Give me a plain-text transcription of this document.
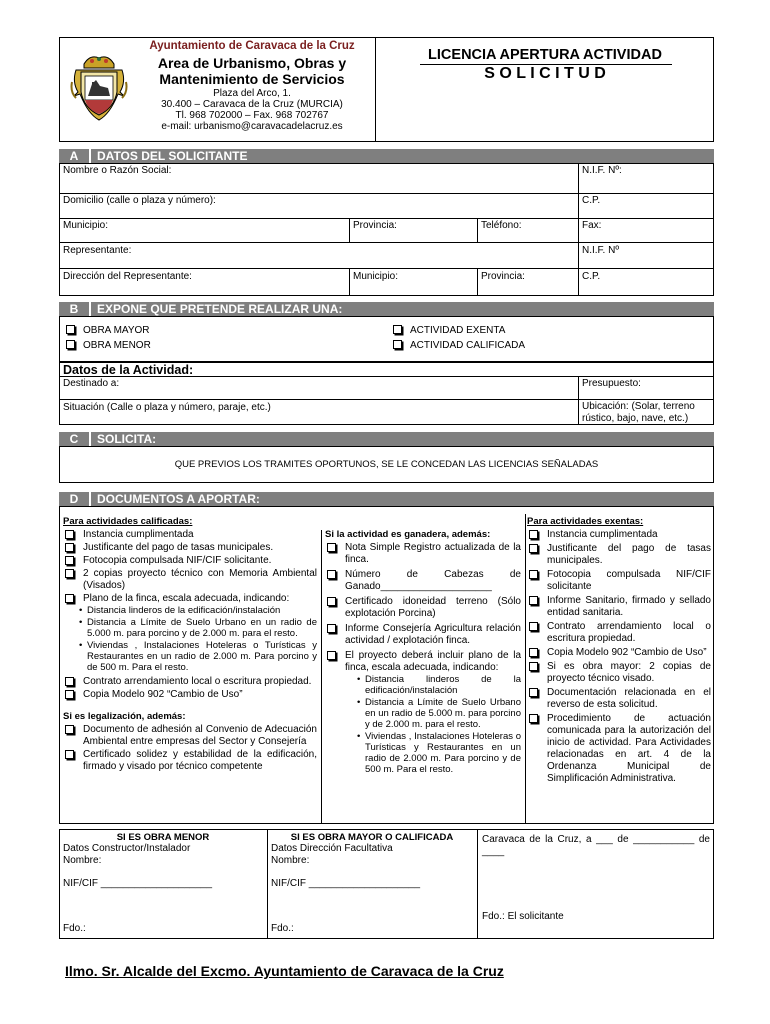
Ayuntamiento de Caravaca de la Cruz
Area de Urbanismo, Obras y
Mantenimiento de Servicios
Plaza del Arco, 1.
30.400 – Caravaca de la Cruz (MURCIA)
Tl. 968 702000 – Fax. 968 702767
e-mail: urbanismo@caravacadelacruz.es
LICENCIA APERTURA ACTIVIDAD
S O L I C I T U D
A	DATOS DEL SOLICITANTE
Nombre o Razón Social:	N.I.F. Nº:
Domicilio (calle o plaza y número):	C.P.
Municipio:	Provincia:	Teléfono:	Fax:
Representante:	N.I.F. Nº
Dirección del Representante:	Municipio:	Provincia:	C.P.
B	EXPONE QUE PRETENDE REALIZAR UNA:
OBRA MAYOR
OBRA MENOR
ACTIVIDAD EXENTA
ACTIVIDAD CALIFICADA
Datos de la Actividad:
Destinado a:	Presupuesto:
Situación (Calle o plaza y número, paraje, etc.)	Ubicación: (Solar, terreno rústico, bajo, nave, etc.)
C	SOLICITA:
QUE PREVIOS LOS TRAMITES OPORTUNOS, SE LE CONCEDAN LAS LICENCIAS SEÑALADAS
D	DOCUMENTOS A APORTAR:
Para actividades calificadas:
Instancia cumplimentada
Justificante del pago de tasas municipales.
Fotocopia compulsada NIF/CIF solicitante.
2 copias proyecto técnico con Memoria Ambiental (Visados)
Plano de la finca, escala adecuada, indicando:
• Distancia linderos de la edificación/instalación
• Distancia a Límite de Suelo Urbano en un radio de 5.000 m. para porcino y de 2.000 m. para el resto.
• Viviendas , Instalaciones Hoteleras o Turísticas y Restaurantes en un radio de 2.000 m. Para porcino y de 500 m. Para el resto.
Contrato arrendamiento local o escritura propiedad.
Copia Modelo 902 “Cambio de Uso”
Si es legalización, además:
Documento de adhesión al Convenio de Adecuación Ambiental entre empresas del Sector y Consejería
Certificado solidez y estabilidad de la edificación, firmado y visado por técnico competente
Si la actividad es ganadera, además:
Nota Simple Registro actualizada de la finca.
Número de Cabezas de Ganado____________________
Certificado idoneidad terreno (Sólo explotación Porcina)
Informe Consejería Agricultura relación actividad / explotación finca.
El proyecto deberá incluir plano de la finca, escala adecuada, indicando:
• Distancia linderos de la edificación/instalación
• Distancia a Límite de Suelo Urbano en un radio de 5.000 m. para porcino y de 2.000 m. para el resto.
• Viviendas , Instalaciones Hoteleras o Turísticas y Restaurantes en un radio de 2.000 m. Para porcino y de 500 m. Para el resto.
Para actividades exentas:
Instancia cumplimentada
Justificante del pago de tasas municipales.
Fotocopia compulsada NIF/CIF solicitante
Informe Sanitario, firmado y sellado entidad sanitaria.
Contrato arrendamiento local o escritura propiedad.
Copia Modelo 902 “Cambio de Uso”
Si es obra mayor: 2 copias de proyecto técnico visado.
Documentación relacionada en el reverso de esta solicitud.
Procedimiento de actuación comunicada para la autorización del inicio de actividad. Para Actividades relacionadas en art. 4 de la Ordenanza Municipal de Simplificación Administrativa.
SI ES OBRA MENOR
Datos Constructor/Instalador
Nombre:
NIF/CIF ____________________
Fdo.:
SI ES OBRA MAYOR O CALIFICADA
Datos Dirección Facultativa
Nombre:
NIF/CIF ____________________
Fdo.:
Caravaca de la Cruz, a ___ de ___________ de ____
Fdo.: El solicitante
Ilmo. Sr. Alcalde del Excmo. Ayuntamiento de Caravaca de la Cruz
